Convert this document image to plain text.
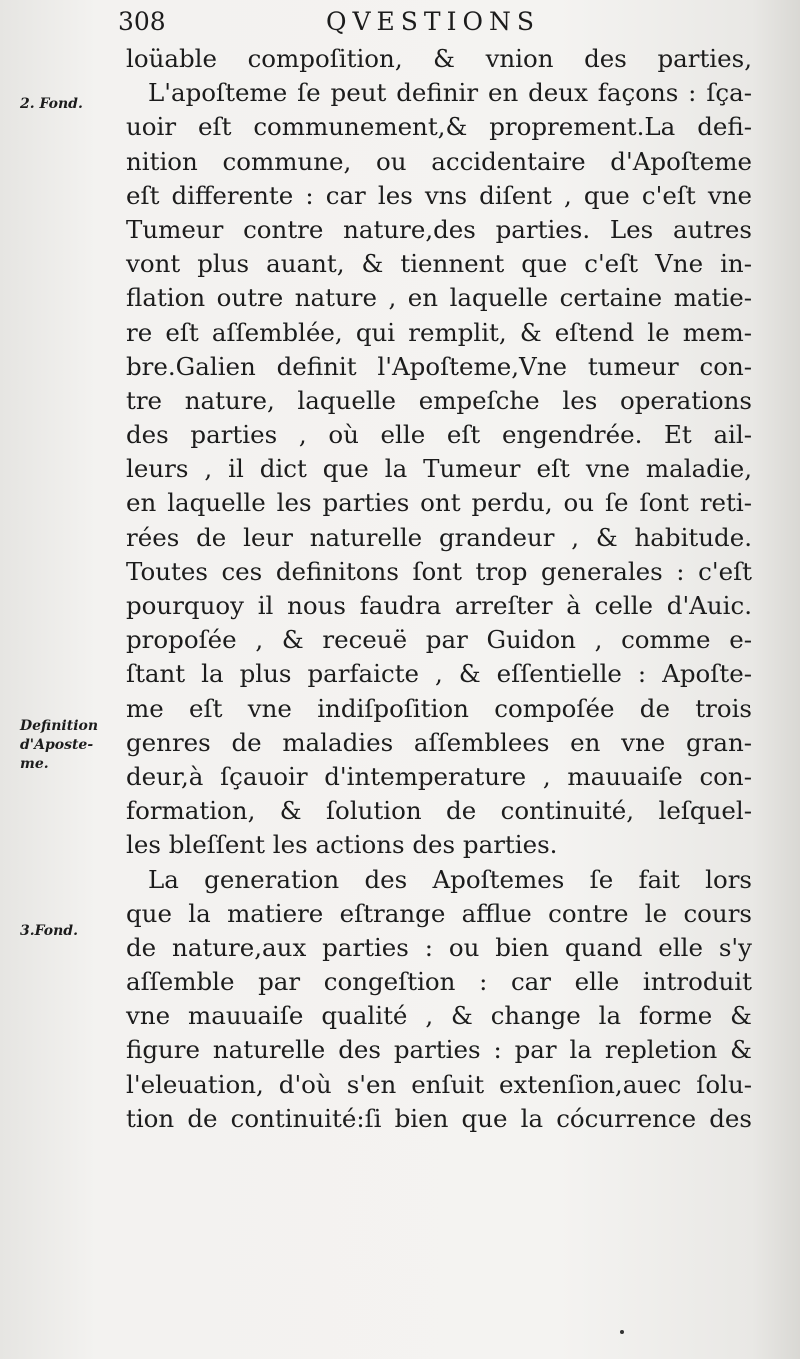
308	QVESTIONS
2. Fond.
Definition
d'Aposte-
me.
3.Fond.
loüable compoſition, & vnion des parties,
L'apoſteme ſe peut definir en deux façons : ſça-
uoir eſt communement,& proprement.La defi-
nition commune, ou accidentaire d'Apoſteme
eſt differente : car les vns diſent , que c'eſt vne
Tumeur contre nature,des parties. Les autres
vont plus auant, & tiennent que c'eſt Vne in-
flation outre nature , en laquelle certaine matie-
re eſt aſſemblée, qui remplit, & eſtend le mem-
bre.Galien definit l'Apoſteme,Vne tumeur con-
tre nature, laquelle empeſche les operations
des parties , où elle eſt engendrée. Et ail-
leurs , il dict que la Tumeur eſt vne maladie,
en laquelle les parties ont perdu, ou ſe ſont reti-
rées de leur naturelle grandeur , & habitude.
Toutes ces definitons ſont trop generales : c'eſt
pourquoy il nous faudra arreſter à celle d'Auic.
propoſée , & receuë par Guidon , comme e-
ſtant la plus parfaicte , & eſſentielle : Apoſte-
me eſt vne indiſpoſition compoſée de trois
genres de maladies aſſemblees en vne gran-
deur,à ſçauoir d'intemperature , mauuaiſe con-
formation, & ſolution de continuité, leſquel-
les bleſſent les actions des parties.
La generation des Apoſtemes ſe fait lors
que la matiere eſtrange afflue contre le cours
de nature,aux parties : ou bien quand elle s'y
aſſemble par congeſtion : car elle introduit
vne mauuaiſe qualité , & change la forme &
figure naturelle des parties : par la repletion &
l'eleuation, d'où s'en enſuit extenſion,auec ſolu-
tion de continuité:ſi bien que la cócurrence des
